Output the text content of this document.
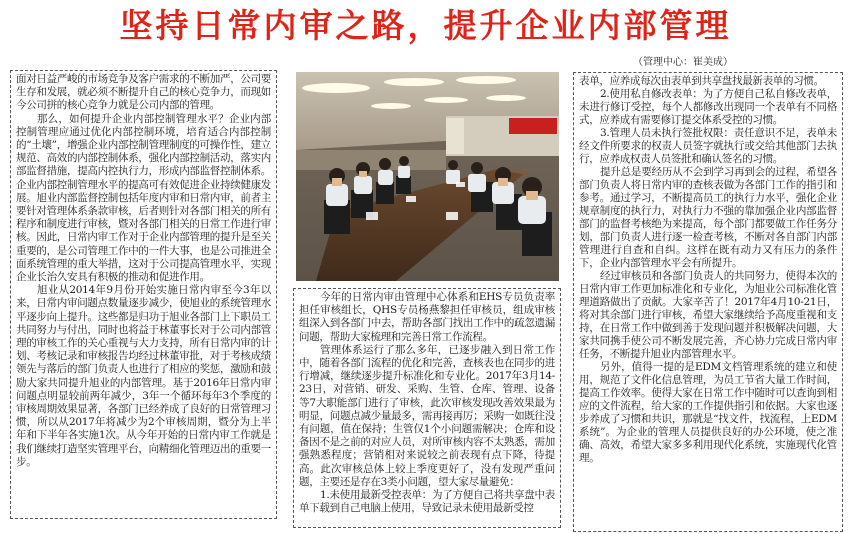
坚持日常内审之路，提升企业内部管理
（管理中心：崔美成）

面对日益严峻的市场竞争及客户需求的不断加严，公司要生存和发展，就必须不断提升自己的核心竞争力，而现如今公司拼的核心竞争力就是公司内部的管理。

那么，如何提升企业内部控制管理水平？企业内部控制管理应通过优化内部控制环境，培育适合内部控制的“土壤”，增强企业内部控制管理制度的可操作性，建立规范、高效的内部控制体系，强化内部控制活动，落实内部监督措施，提高内控执行力，形成内部监督控制体系。企业内部控制管理水平的提高可有效促进企业持续健康发展。旭业内部监督控制包括年度内审和日常内审，前者主要针对管理体系条款审核，后者则针对各部门相关的所有程序和制度进行审核，暨对各部门相关的日常工作进行审核。因此，日常内审工作对于企业内部管理的提升是至关重要的，是公司管理工作中的一件大事，也是公司推进全面系统管理的重大举措，这对于公司提高管理水平，实现企业长治久安具有积极的推动和促进作用。

旭业从2014年9月份开始实施日常内审至今3年以来，日常内审问题点数量逐步减少，使旭业的系统管理水平逐步向上提升。这些都是归功于旭业各部门上下职员工共同努力与付出，同时也将益于林董事长对于公司内部管理的审核工作的关心重视与大力支持，所有日常内审的计划、考核记录和审核报告均经过林董审批，对于考核成绩领先与落后的部门负责人也进行了相应的奖惩，激励和鼓励大家共同提升旭业的内部管理。基于2016年日常内审问题点明显较前两年减少，3年一个循环每年3个季度的审核周期效果显著，各部门已经养成了良好的日常管理习惯，所以从2017年将减少为2个审核周期，暨分为上半年和下半年各实施1次。从今年开始的日常内审工作就是我们继续打造坚实管理平台，向精细化管理迈出的重要一步。

今年的日常内审由管理中心体系和EHS专员负责率担任审核组长，QHS专员杨燕黎担任审核员，组成审核组深入到各部门中去，帮助各部门找出工作中的疏忽遗漏问题，帮助大家梳理和完善日常工作流程。

管理体系运行了那么多年，已逐步融入到日常工作中，随着各部门流程的优化和完善，查核表也在同步的进行增减，继续逐步提升标准化和专业化。2017年3月14-23日，对营销、研发、采购、生管、仓库、管理、设备等7大职能部门进行了审核，此次审核发现改善效果最为明显，问题点减少量最多，需再接再厉；采购一如既往没有问题，值在保持；生管仅1个小问题需解决；仓库和设备因不是之前的对应人员，对所审核内容不太熟悉，需加强熟悉程度；营销相对来说较之前表现有点下降，待提高。此次审核总体上较上季度更好了，没有发现严重问题，主要还是存在3类小问题，望大家尽量避免：

1.未使用最新受控表单：为了方便自己将共享盘中表单下载到自己电脑上使用，导致记录未使用最新受控

表单，应养成每次由表单到共享盘找最新表单的习惯。

2.使用私自修改表单：为了方便自己私自修改表单，未进行修订受控，每个人都修改出现同一个表单有不同格式，应养成有需要修订提交体系受控的习惯。

3.管理人员未执行签批权限：责任意识不足，表单未经文件所要求的权责人员签字就执行或交给其他部门去执行，应养成权责人员签批和确认签名的习惯。

提升总是要经历从不会到学习再到会的过程，希望各部门负责人将日常内审的查核表做为各部门工作的指引和参考。通过学习，不断提高员工的执行力水平，强化企业规章制度的执行力，对执行力不强的靠加强企业内部监督部门的监督考核绝为来提高，每个部门都要做工作任务分划，部门负责人进行逐一检查考核，不断对各自部门内部管理进行自查和自纠。这样在既有动力又有压力的条件下，企业内部管理水平会有所提升。

经过审核员和各部门负责人的共同努力，使得本次的日常内审工作更加标准化和专业化，为旭业公司标准化管理道路做出了贡献。大家辛苦了！2017年4月10-21日，将对其余部门进行审核，希望大家继续给予高度重视和支持，在日常工作中做到善于发现问题并积极解决问题，大家共同携手使公司不断发展完善，齐心协力完成日常内审任务，不断提升旭业内部管理水平。

另外，值得一提的是EDM文档管理系统的建立和使用，规范了文件化信息管理，为员工节省大量工作时间，提高工作效率。使得大家在日常工作中随时可以查询到相应的文件流程，给大家的工作提供指引和依据。大家也逐步养成了习惯和共识，那就是“找文件，找流程，上EDM系统”。为企业的管理人员提供良好的办公环境，使之准确、高效，希望大家多多利用现代化系统，实施现代化管理。
